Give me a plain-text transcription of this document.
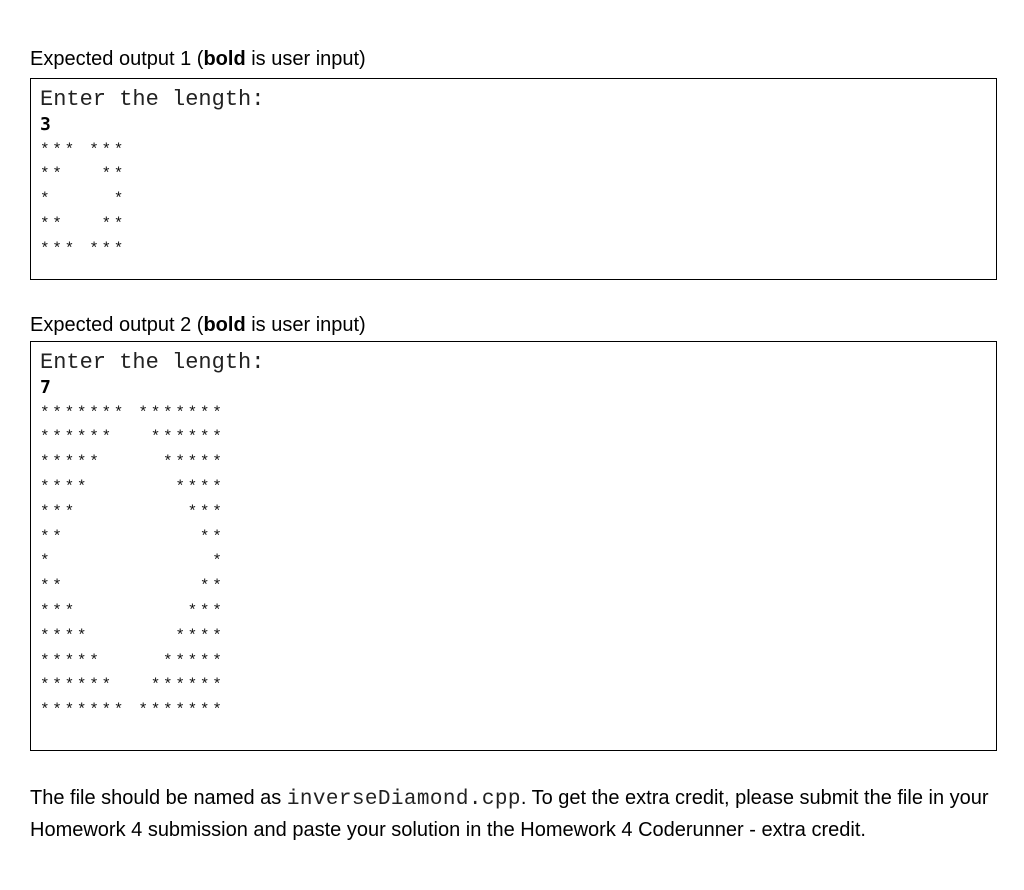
Expected output 1 (bold is user input)
Enter the length:
3
*** ***
**   **
*     *
**   **
*** ***
Expected output 2 (bold is user input)
Enter the length:
7
******* *******
******   ******
*****     *****
****       ****
***         ***
**           **
*             *
**           **
***         ***
****       ****
*****     *****
******   ******
******* *******
The file should be named as inverseDiamond.cpp. To get the extra credit, please submit the file in your Homework 4 submission and paste your solution in the Homework 4 Coderunner - extra credit.
